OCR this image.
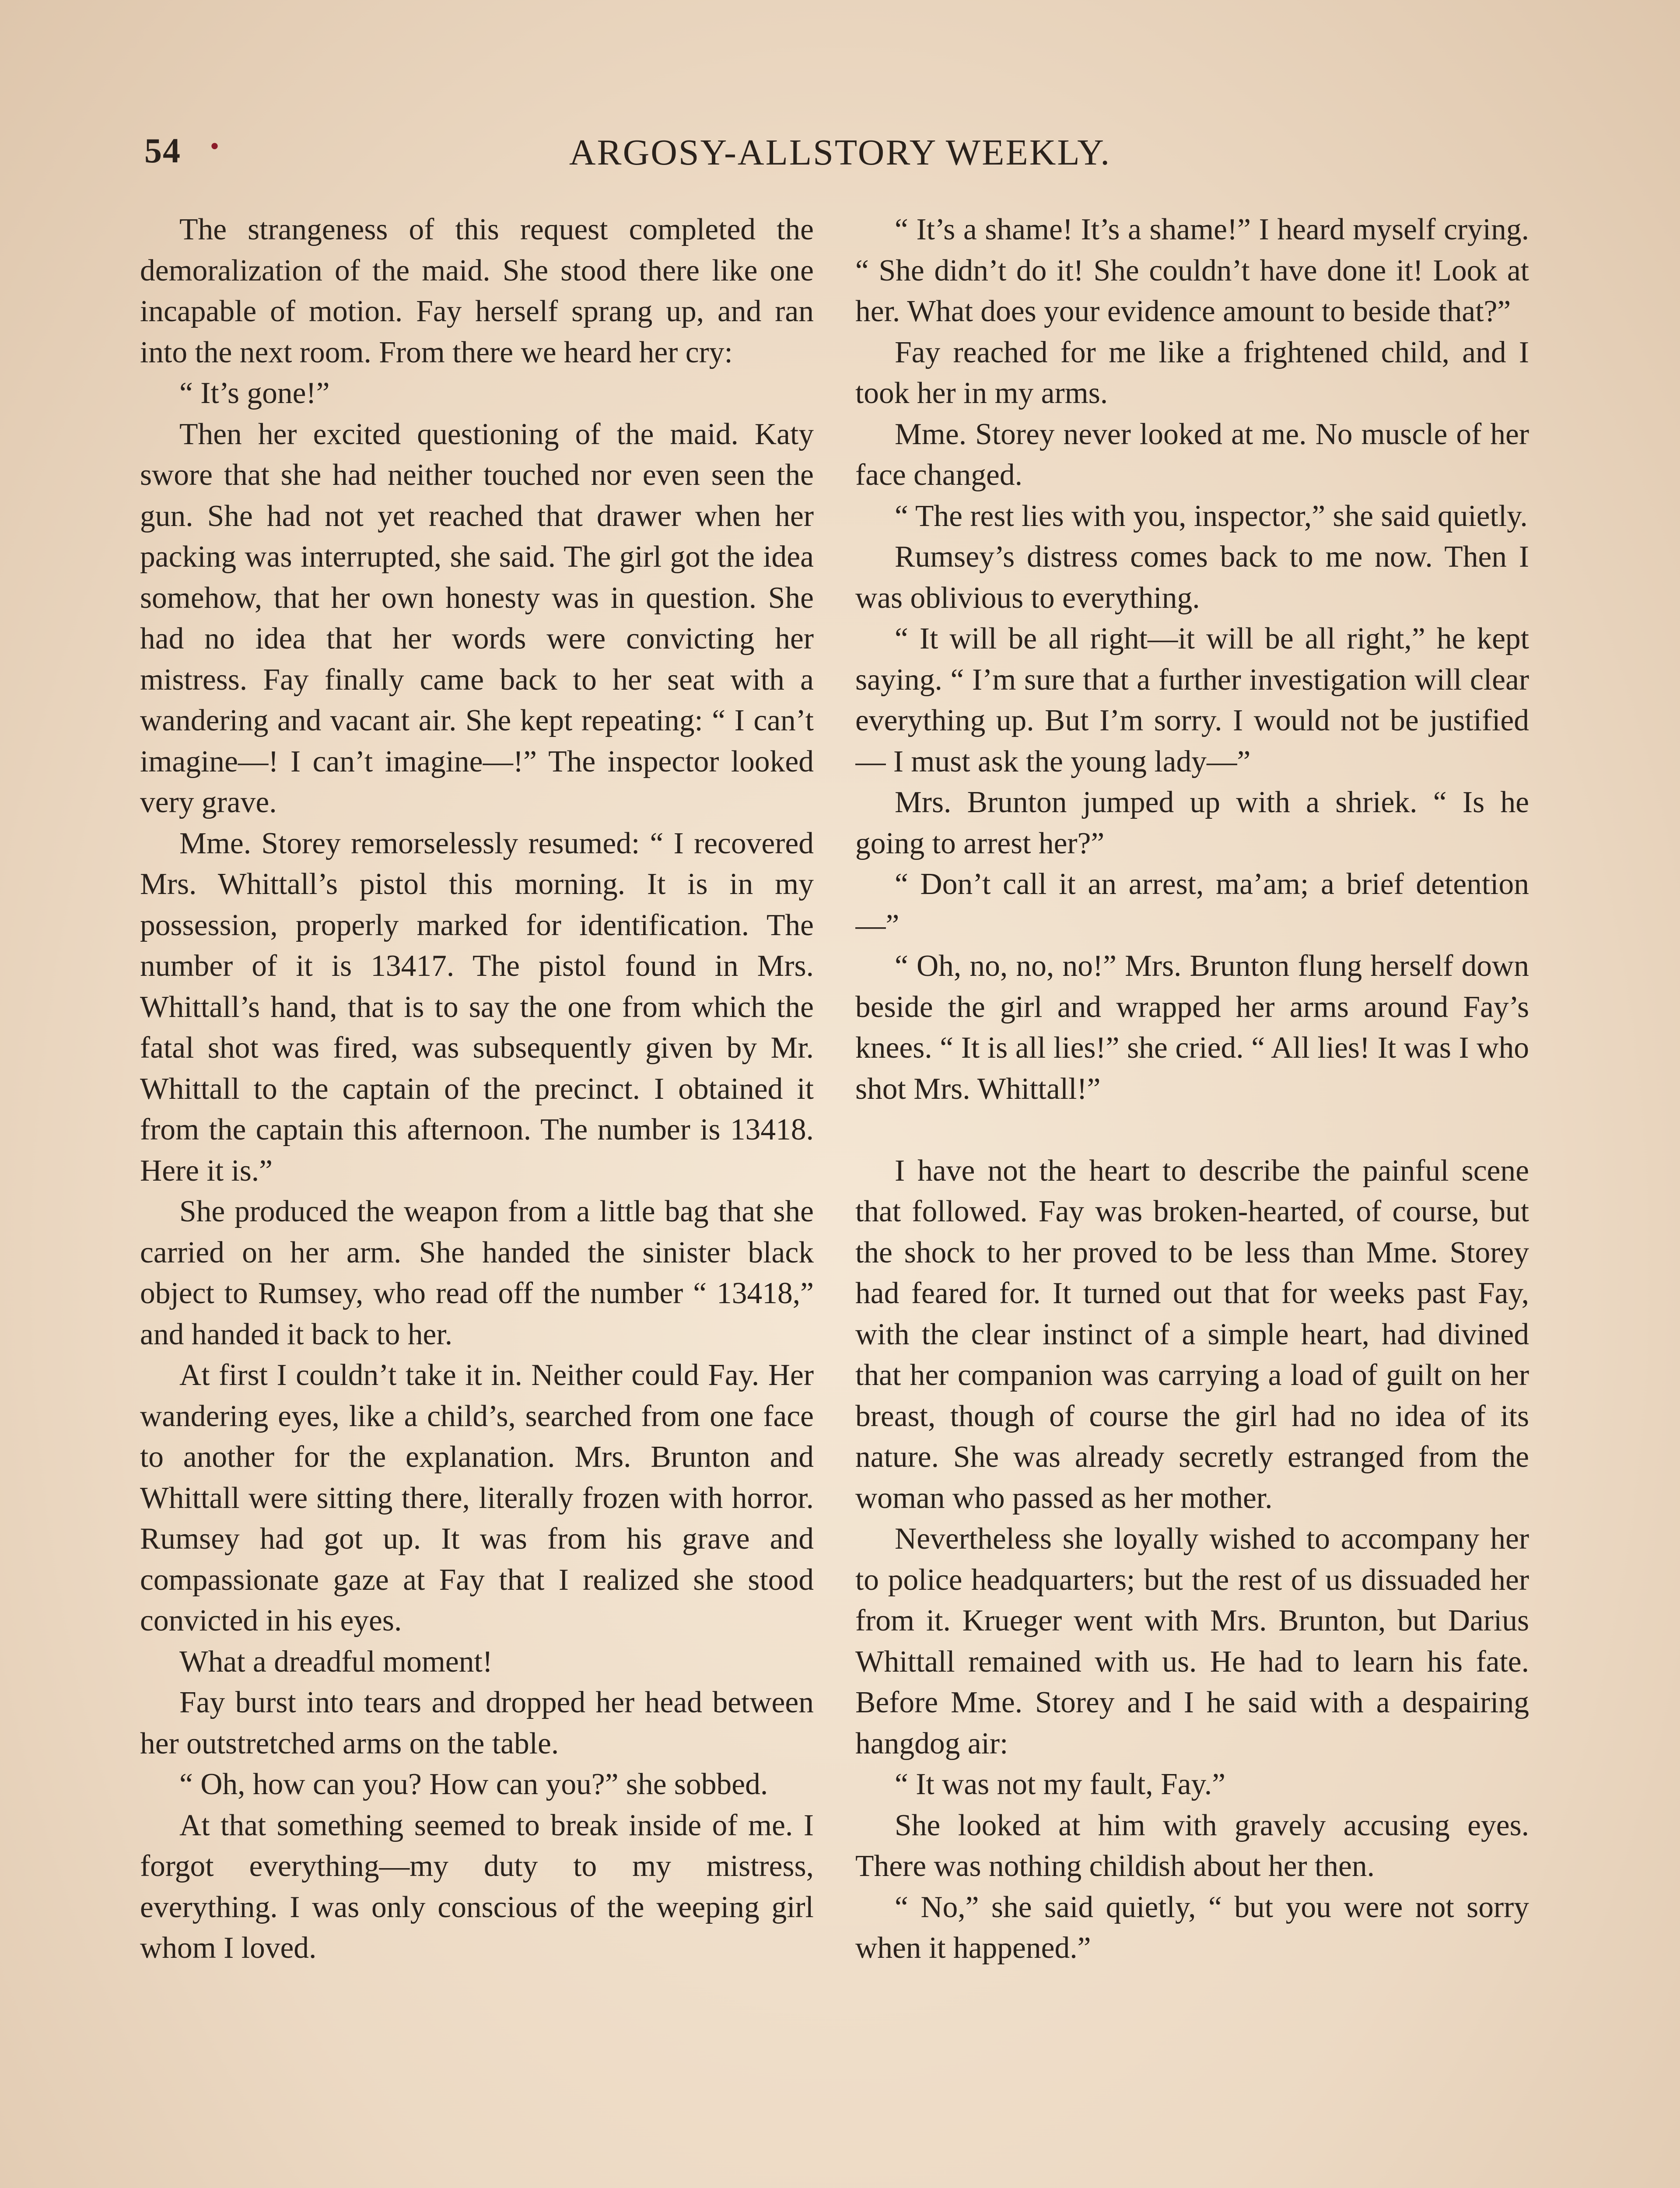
54 •	ARGOSY-ALLSTORY WEEKLY.

The strangeness of this request completed the demoralization of the maid. She stood there like one incapable of motion. Fay herself sprang up, and ran into the next room. From there we heard her cry:

“ It’s gone!”

Then her excited questioning of the maid. Katy swore that she had neither touched nor even seen the gun. She had not yet reached that drawer when her packing was interrupted, she said. The girl got the idea somehow, that her own honesty was in question. She had no idea that her words were convicting her mistress. Fay finally came back to her seat with a wandering and vacant air. She kept repeating: “ I can’t imagine—! I can’t imagine—!” The inspector looked very grave.

Mme. Storey remorselessly resumed: “ I recovered Mrs. Whittall’s pistol this morning. It is in my possession, properly marked for identification. The number of it is 13417. The pistol found in Mrs. Whittall’s hand, that is to say the one from which the fatal shot was fired, was subsequently given by Mr. Whittall to the captain of the precinct. I obtained it from the captain this afternoon. The number is 13418. Here it is.”

She produced the weapon from a little bag that she carried on her arm. She handed the sinister black object to Rumsey, who read off the number “ 13418,” and handed it back to her.

At first I couldn’t take it in. Neither could Fay. Her wandering eyes, like a child’s, searched from one face to another for the explanation. Mrs. Brunton and Whittall were sitting there, literally frozen with horror. Rumsey had got up. It was from his grave and compassionate gaze at Fay that I realized she stood convicted in his eyes.

What a dreadful moment!

Fay burst into tears and dropped her head between her outstretched arms on the table.

“ Oh, how can you? How can you?” she sobbed.

At that something seemed to break inside of me. I forgot everything—my duty to my mistress, everything. I was only conscious of the weeping girl whom I loved.

“ It’s a shame! It’s a shame!” I heard myself crying. “ She didn’t do it! She couldn’t have done it! Look at her. What does your evidence amount to beside that?”

Fay reached for me like a frightened child, and I took her in my arms.

Mme. Storey never looked at me. No muscle of her face changed.

“ The rest lies with you, inspector,” she said quietly.

Rumsey’s distress comes back to me now. Then I was oblivious to everything.

“ It will be all right—it will be all right,” he kept saying. “ I’m sure that a further investigation will clear everything up. But I’m sorry. I would not be justified— I must ask the young lady—”

Mrs. Brunton jumped up with a shriek. “ Is he going to arrest her?”

“ Don’t call it an arrest, ma’am; a brief detention—”

“ Oh, no, no, no!” Mrs. Brunton flung herself down beside the girl and wrapped her arms around Fay’s knees. “ It is all lies!” she cried. “ All lies! It was I who shot Mrs. Whittall!”

I have not the heart to describe the painful scene that followed. Fay was broken-hearted, of course, but the shock to her proved to be less than Mme. Storey had feared for. It turned out that for weeks past Fay, with the clear instinct of a simple heart, had divined that her companion was carrying a load of guilt on her breast, though of course the girl had no idea of its nature. She was already secretly estranged from the woman who passed as her mother.

Nevertheless she loyally wished to accompany her to police headquarters; but the rest of us dissuaded her from it. Krueger went with Mrs. Brunton, but Darius Whittall remained with us. He had to learn his fate. Before Mme. Storey and I he said with a despairing hangdog air:

“ It was not my fault, Fay.”

She looked at him with gravely accusing eyes. There was nothing childish about her then.

“ No,” she said quietly, “ but you were not sorry when it happened.”
